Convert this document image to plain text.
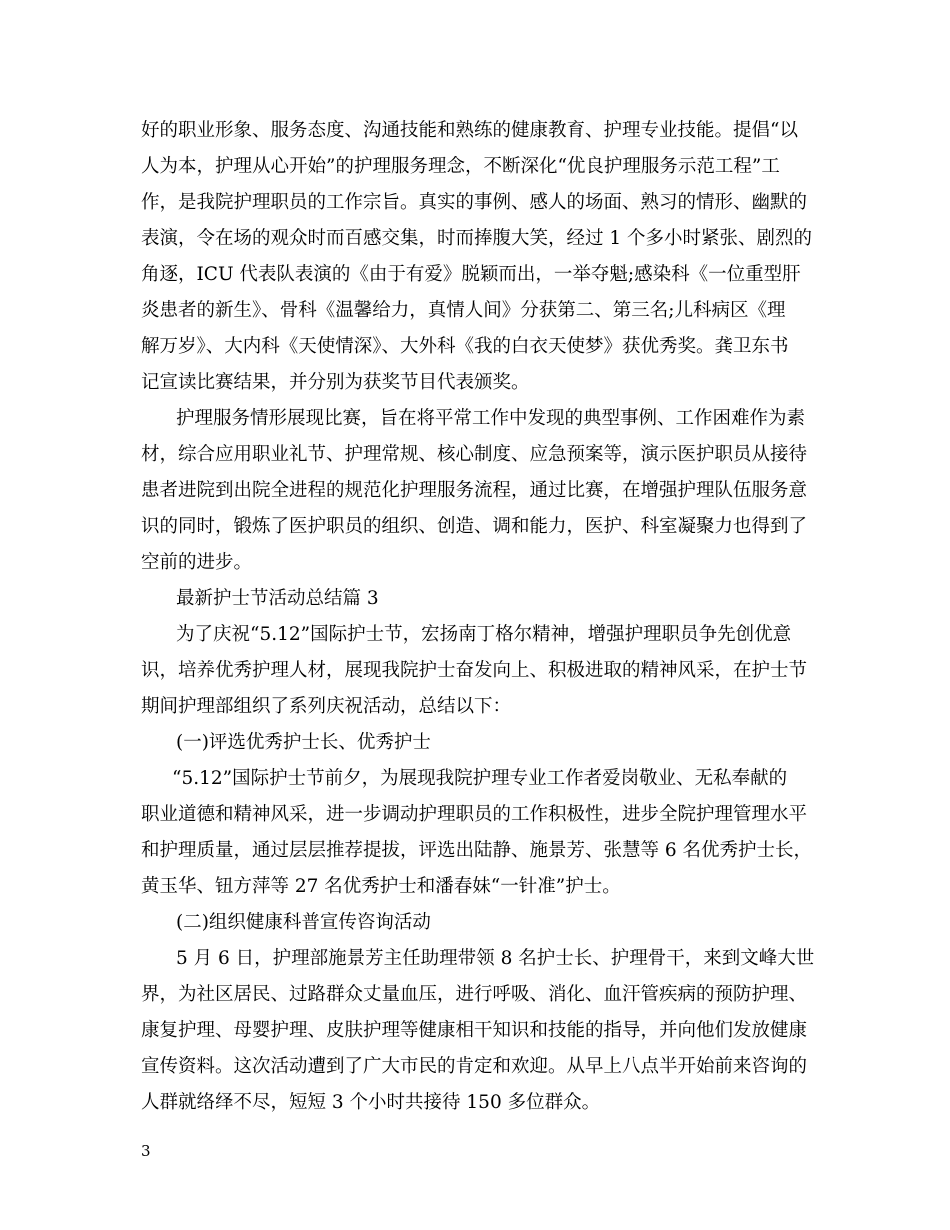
好的职业形象、服务态度、沟通技能和熟练的健康教育、护理专业技能。提倡“以
人为本，护理从心开始”的护理服务理念，不断深化“优良护理服务示范工程”工
作，是我院护理职员的工作宗旨。真实的事例、感人的场面、熟习的情形、幽默的
表演，令在场的观众时而百感交集，时而捧腹大笑，经过 1 个多小时紧张、剧烈的
角逐，ICU 代表队表演的《由于有爱》脱颖而出，一举夺魁;感染科《一位重型肝
炎患者的新生》、骨科《温馨给力，真情人间》分获第二、第三名;儿科病区《理
解万岁》、大内科《天使情深》、大外科《我的白衣天使梦》获优秀奖。龚卫东书
记宣读比赛结果，并分别为获奖节目代表颁奖。
护理服务情形展现比赛，旨在将平常工作中发现的典型事例、工作困难作为素
材，综合应用职业礼节、护理常规、核心制度、应急预案等，演示医护职员从接待
患者进院到出院全进程的规范化护理服务流程，通过比赛，在增强护理队伍服务意
识的同时，锻炼了医护职员的组织、创造、调和能力，医护、科室凝聚力也得到了
空前的进步。
最新护士节活动总结篇 3
为了庆祝“5.12”国际护士节，宏扬南丁格尔精神，增强护理职员争先创优意
识，培养优秀护理人材，展现我院护士奋发向上、积极进取的精神风采，在护士节
期间护理部组织了系列庆祝活动，总结以下：
(一)评选优秀护士长、优秀护士
“5.12”国际护士节前夕，为展现我院护理专业工作者爱岗敬业、无私奉献的
职业道德和精神风采，进一步调动护理职员的工作积极性，进步全院护理管理水平
和护理质量，通过层层推荐提拔，评选出陆静、施景芳、张慧等 6 名优秀护士长，
黄玉华、钮方萍等 27 名优秀护士和潘春妹“一针准”护士。
(二)组织健康科普宣传咨询活动
5 月 6 日，护理部施景芳主任助理带领 8 名护士长、护理骨干，来到文峰大世
界，为社区居民、过路群众丈量血压，进行呼吸、消化、血汗管疾病的预防护理、
康复护理、母婴护理、皮肤护理等健康相干知识和技能的指导，并向他们发放健康
宣传资料。这次活动遭到了广大市民的肯定和欢迎。从早上八点半开始前来咨询的
人群就络绎不尽，短短 3 个小时共接待 150 多位群众。
3
